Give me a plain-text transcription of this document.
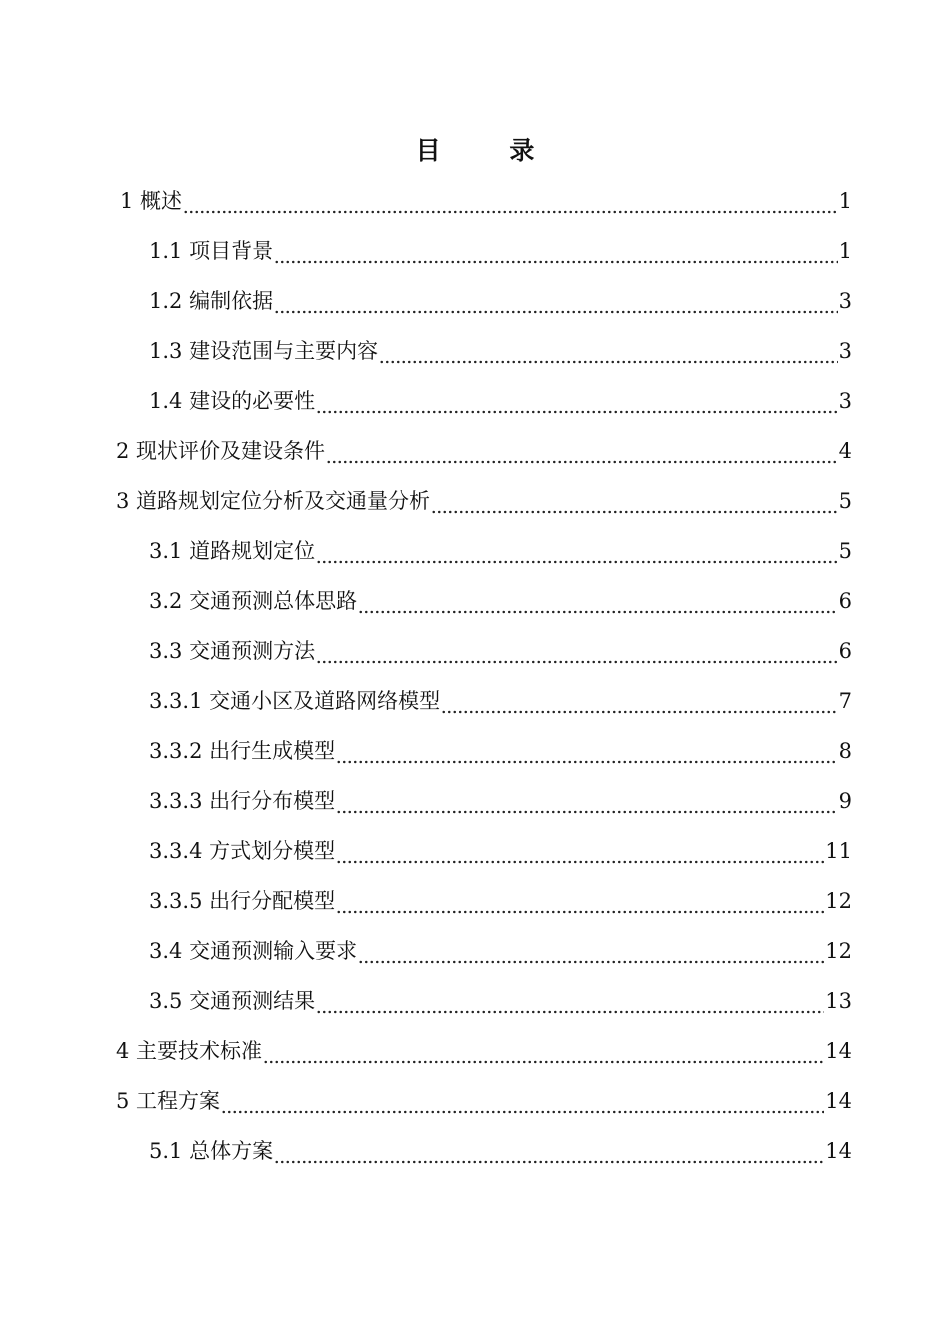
目 录
1 概述	1
1.1 项目背景	1
1.2 编制依据	3
1.3 建设范围与主要内容	3
1.4 建设的必要性	3
2 现状评价及建设条件	4
3 道路规划定位分析及交通量分析	5
3.1 道路规划定位	5
3.2 交通预测总体思路	6
3.3 交通预测方法	6
3.3.1 交通小区及道路网络模型	7
3.3.2 出行生成模型	8
3.3.3 出行分布模型	9
3.3.4 方式划分模型	11
3.3.5 出行分配模型	12
3.4 交通预测输入要求	12
3.5 交通预测结果	13
4 主要技术标准	14
5 工程方案	14
5.1 总体方案	14
